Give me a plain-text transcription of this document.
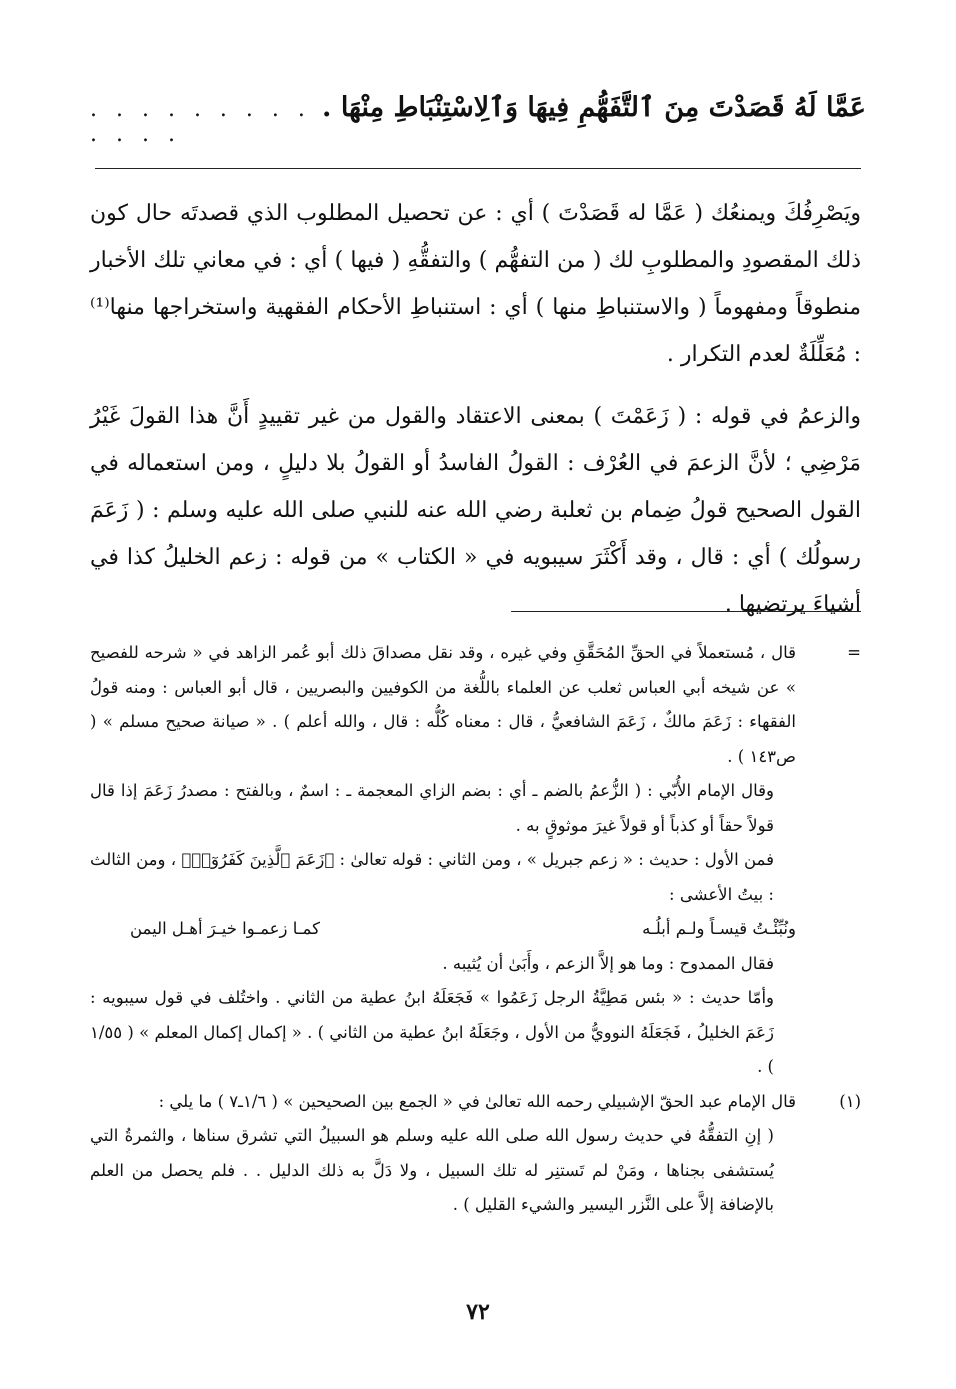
عَمَّا لَهُ قَصَدْتَ مِنَ ٱلتَّفَهُّمِ فِيهَا وَٱلِاسْتِنْبَاطِ مِنْهَا .
. . . . . . . . . . . . .

ويَصْرِفُكَ ويمنعُك ( عَمَّا له قَصَدْتَ ) أي : عن تحصيل المطلوب الذي قصدتَه حال كون ذلك المقصودِ والمطلوبِ لك ( من التفهُّم ) والتفقُّهِ ( فيها ) أي : في معاني تلك الأخبار منطوقاً ومفهوماً ( والاستنباطِ منها ) أي : استنباطِ الأحكام الفقهية واستخراجها منها⁽¹⁾ : مُعَلِّلَةٌ لعدم التكرار .

والزعمُ في قوله : ( زَعَمْتَ ) بمعنى الاعتقاد والقول من غير تقييدٍ أَنَّ هذا القولَ غَيْرُ مَرْضِي ؛ لأنَّ الزعمَ في العُرْف : القولُ الفاسدُ أو القولُ بلا دليلٍ ، ومن استعماله في القول الصحيح قولُ ضِمام بن ثعلبة رضي الله عنه للنبي صلى الله عليه وسلم : ( زَعَمَ رسولُك ) أي : قال ، وقد أَكْثَرَ سيبويه في « الكتاب » من قوله : زعم الخليلُ كذا في أشياءَ يرتضيها .

=

قال ، مُستعملاً في الحقِّ المُحَقَّقِ وفي غيره ، وقد نقل مصداقَ ذلك أبو عُمر الزاهد في « شرحه للفصيح » عن شيخه أبي العباس ثعلب عن العلماء باللُّغة من الكوفيين والبصريين ، قال أبو العباس : ومنه قولُ الفقهاء : زَعَمَ مالكٌ ، زَعَمَ الشافعيُّ ، قال : معناه كُلُّه : قال ، والله أعلم ) . « صيانة صحيح مسلم » ( ص١٤٣ ) .

وقال الإمام الأُبّي : ( الزُّعمُ بالضم ـ أي : بضم الزاي المعجمة ـ : اسمٌ ، وبالفتح : مصدرُ زَعَمَ إذا قال قولاً حقاً أو كذباً أو قولاً غيرَ موثوقٍ به .

فمن الأول : حديث : « زعم جبريل » ، ومن الثاني : قوله تعالىٰ : ﴿زَعَمَ ٱلَّذِينَ كَفَرُوٓا۟﴾ ، ومن الثالث : بيتُ الأعشى :

ونُبِّئْـتُ قيسـاً ولـم أبلُـه
كمـا زعمـوا خيـرَ أهـل اليمن

فقال الممدوح : وما هو إلاَّ الزعم ، وأَبَىٰ أن يُثيبه .

وأمّا حديث : « بئس مَطِيَّةُ الرجل زَعَمُوا » فَجَعَلَهُ ابنُ عطية من الثاني . واختُلف في قول سيبويه : زَعَمَ الخليلُ ، فَجَعَلَهُ النوويُّ من الأول ، وجَعَلَهُ ابنُ عطية من الثاني ) . « إكمال إكمال المعلم » ( ١/٥٥ ) .

(١)

قال الإمام عبد الحقّ الإشبيلي رحمه الله تعالىٰ في « الجمع بين الصحيحين » ( ١/٦ـ٧ ) ما يلي :

( إنِ التفقُّهُ في حديث رسول الله صلى الله عليه وسلم هو السبيلُ التي تشرق سناها ، والثمرةُ التي يُستشفى بجناها ، ومَنْ لم تَستنِر له تلك السبيل ، ولا دَلَّ به ذلك الدليل . . فلم يحصل من العلم بالإضافة إلاَّ على النَّزر اليسير والشيء القليل ) .

٧٢
